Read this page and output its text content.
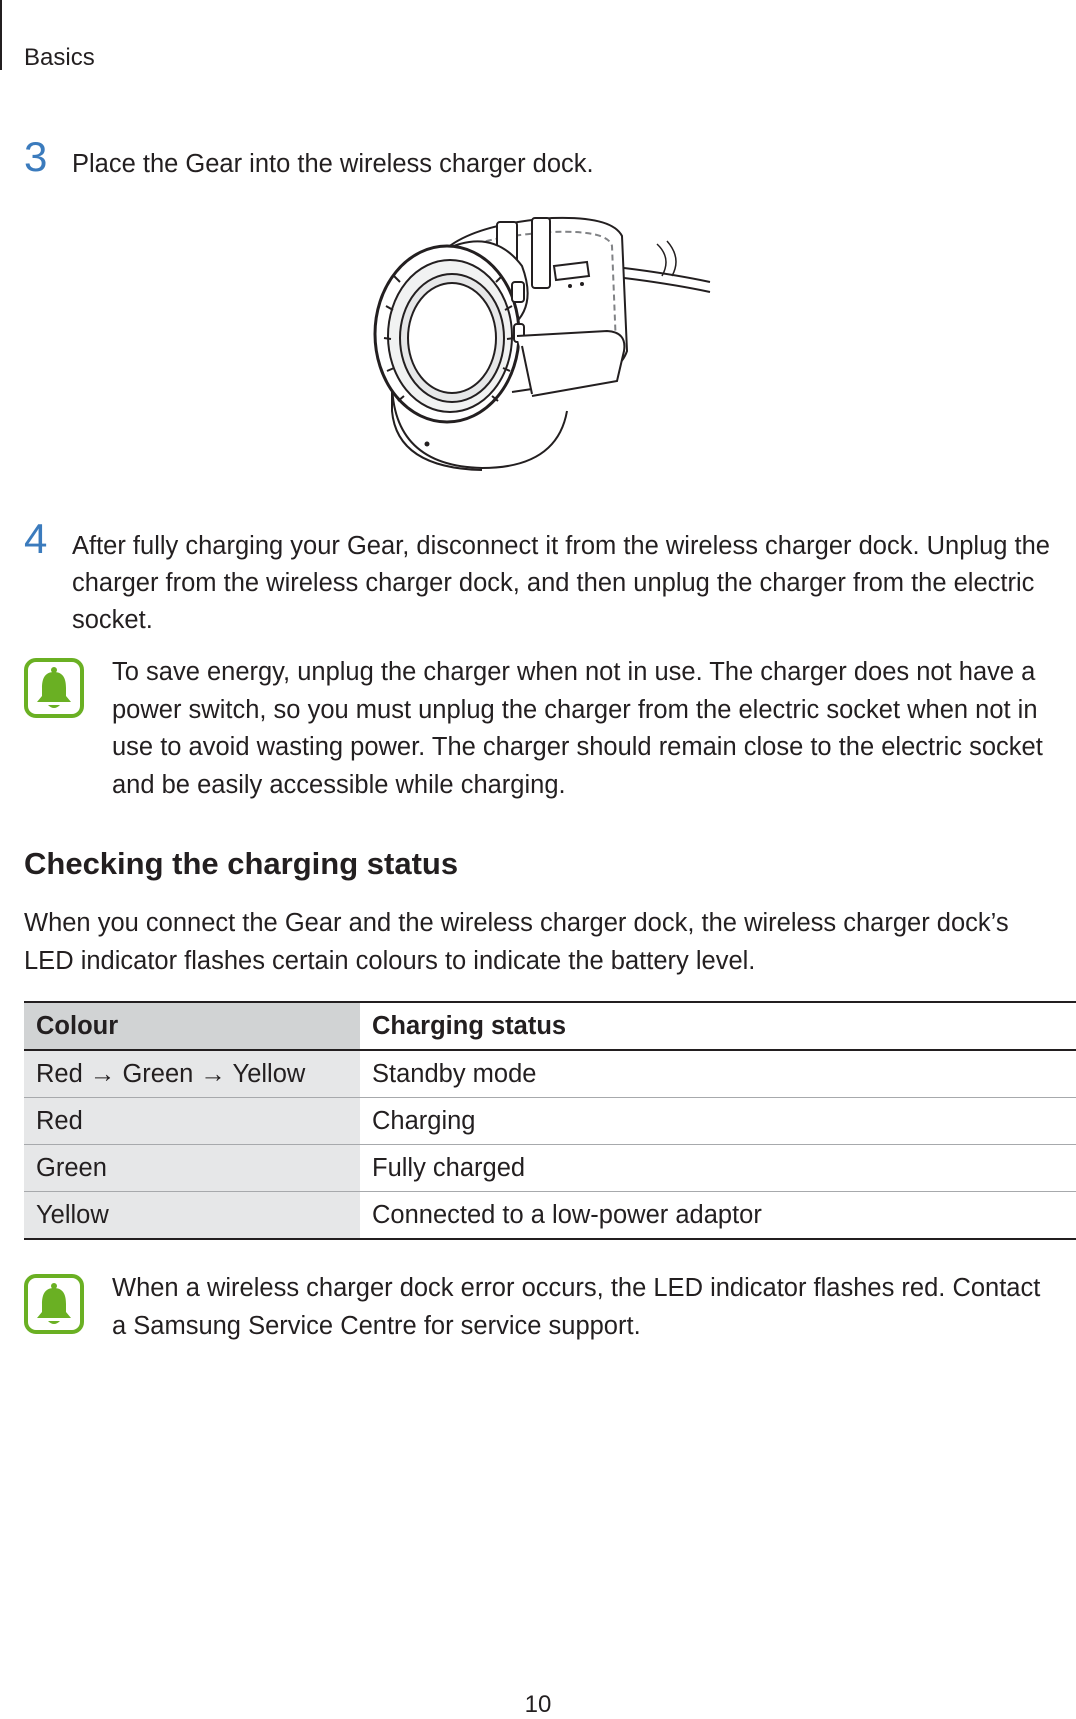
Basics
3 Place the Gear into the wireless charger dock.
4 After fully charging your Gear, disconnect it from the wireless charger dock. Unplug the charger from the wireless charger dock, and then unplug the charger from the electric socket.
To save energy, unplug the charger when not in use. The charger does not have a power switch, so you must unplug the charger from the electric socket when not in use to avoid wasting power. The charger should remain close to the electric socket and be easily accessible while charging.
Checking the charging status
When you connect the Gear and the wireless charger dock, the wireless charger dock’s LED indicator flashes certain colours to indicate the battery level.
Colour	Charging status
Red → Green → Yellow	Standby mode
Red	Charging
Green	Fully charged
Yellow	Connected to a low-power adaptor
When a wireless charger dock error occurs, the LED indicator flashes red. Contact a Samsung Service Centre for service support.
10
